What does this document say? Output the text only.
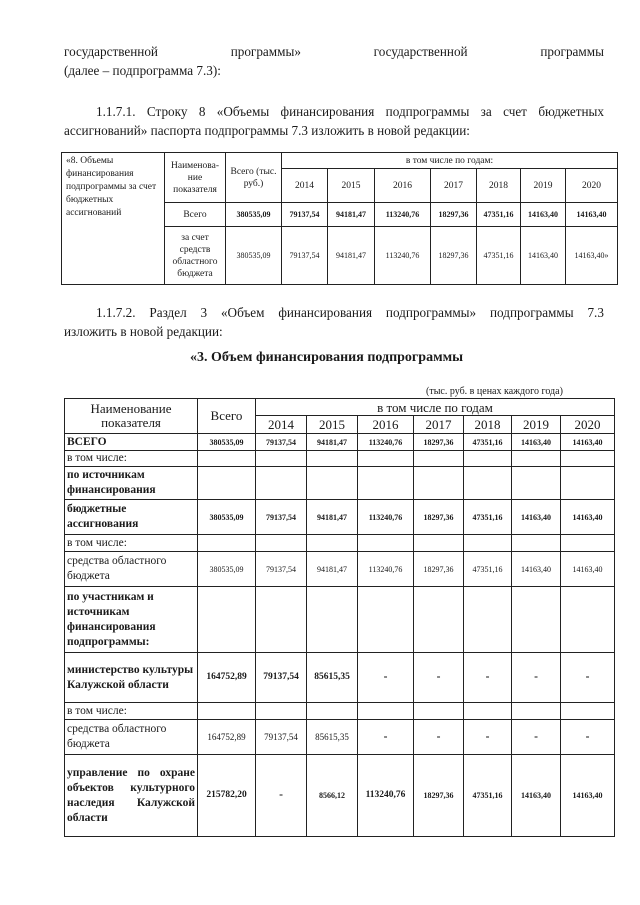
государственной	программы»	государственной	программы
(далее – подпрограмма 7.3):
1.1.7.1. Строку 8 «Объемы финансирования подпрограммы за счет бюджетных
ассигнований» паспорта подпрограммы 7.3 изложить в новой редакции:
«8. Объемы финансирования подпрограммы за счет бюджетных ассигнований	Наименова-ние показателя	Всего (тыс. руб.)	в том числе по годам:						
			2014	2015	2016	2017	2018	2019	2020
	Всего	380535,09	79137,54	94181,47	113240,76	18297,36	47351,16	14163,40	14163,40
	за счет средств областного бюджета	380535,09	79137,54	94181,47	113240,76	18297,36	47351,16	14163,40	14163,40»
1.1.7.2. Раздел 3 «Объем финансирования подпрограммы» подпрограммы 7.3
изложить в новой редакции:
«3. Объем финансирования подпрограммы
(тыс. руб. в ценах каждого года)
Наименование показателя	Всего	в том числе по годам						
		2014	2015	2016	2017	2018	2019	2020
ВСЕГО	380535,09	79137,54	94181,47	113240,76	18297,36	47351,16	14163,40	14163,40
в том числе:								
по источникам финансирования								
бюджетные ассигнования	380535,09	79137,54	94181,47	113240,76	18297,36	47351,16	14163,40	14163,40
в том числе:								
средства областного бюджета	380535,09	79137,54	94181,47	113240,76	18297,36	47351,16	14163,40	14163,40
по участникам и источникам финансирования подпрограммы:								
министерство культуры Калужской области	164752,89	79137,54	85615,35	-	-	-	-	-
в том числе:								
средства областного бюджета	164752,89	79137,54	85615,35	-	-	-	-	-
управление по охране объектов культурного наследия Калужской области	215782,20	-	8566,12	113240,76	18297,36	47351,16	14163,40	14163,40
